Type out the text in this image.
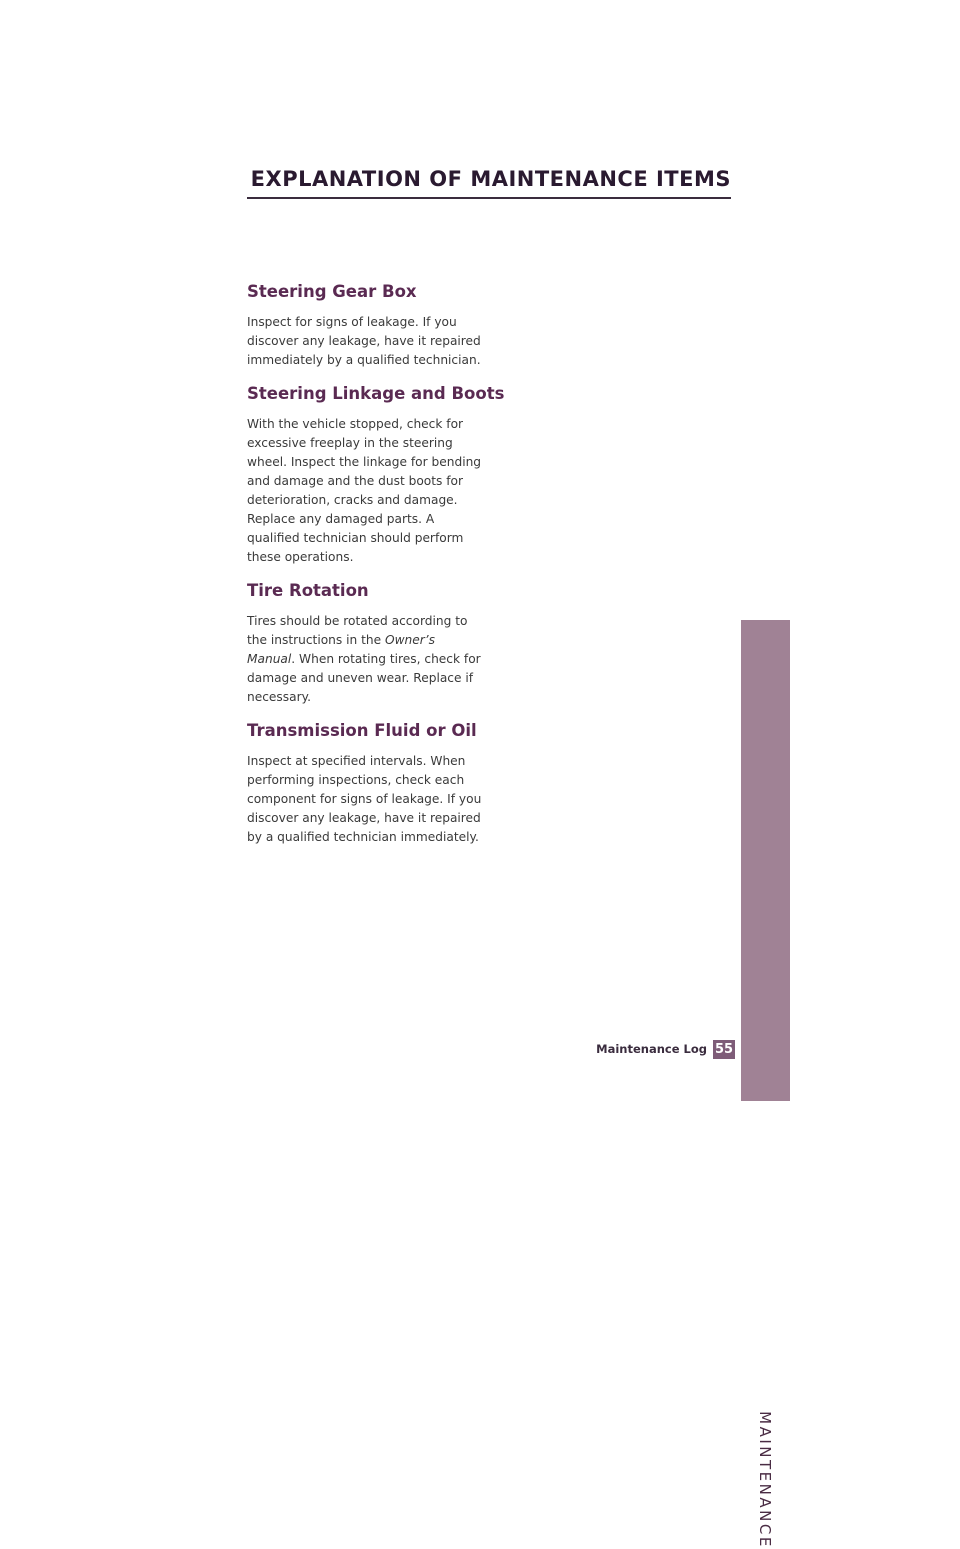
EXPLANATION OF MAINTENANCE ITEMS
Steering Gear Box

Inspect for signs of leakage. If you discover any leakage, have it repaired immediately by a qualified technician.

Steering Linkage and Boots

With the vehicle stopped, check for excessive freeplay in the steering wheel. Inspect the linkage for bending and damage and the dust boots for deterioration, cracks and damage. Replace any damaged parts. A qualified technician should perform these operations.

Tire Rotation

Tires should be rotated according to the instructions in the Owner’s Manual. When rotating tires, check for damage and uneven wear. Replace if necessary.

Transmission Fluid or Oil

Inspect at specified intervals. When performing inspections, check each component for signs of leakage. If you discover any leakage, have it repaired by a qualified technician immediately.

MAINTENANCE
Maintenance Log 55
